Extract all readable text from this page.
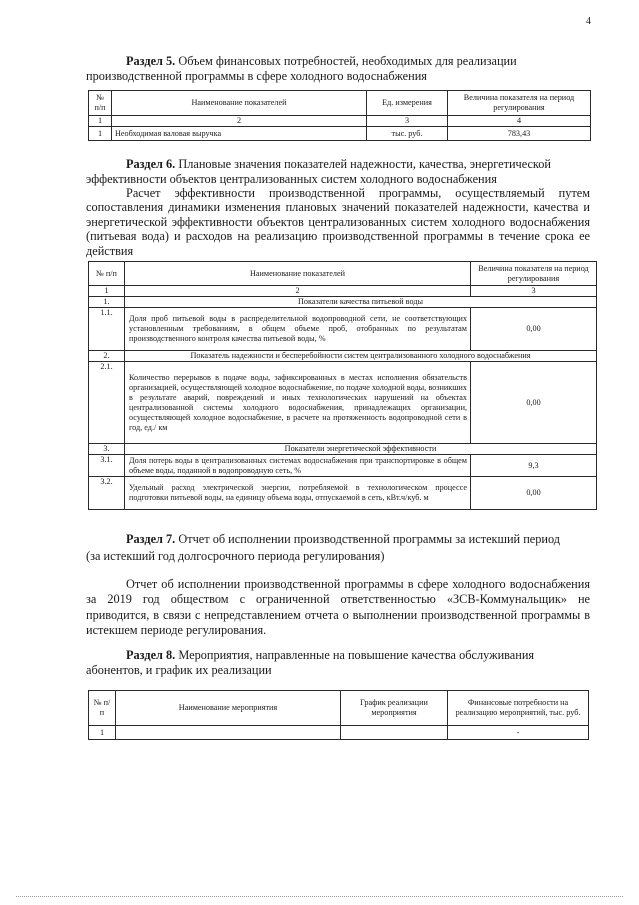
4
Раздел 5. Объем финансовых потребностей, необходимых для реализации
производственной программы в сфере холодного водоснабжения
№ п/п	Наименование показателей	Ед. измерения	Величина показателя на период регулирования
1	2	3	4
1	Необходимая валовая выручка	тыс. руб.	783,43
Раздел 6. Плановые значения показателей надежности, качества, энергетической
эффективности объектов централизованных систем холодного водоснабжения
Расчет эффективности производственной программы, осуществляемый путем сопоставления динамики изменения плановых значений показателей надежности, качества и энергетической эффективности объектов централизованных систем холодного водоснабжения (питьевая вода) и расходов на реализацию производственной программы в течение срока ее действия
№ п/п	Наименование показателей	Величина показателя на период регулирования
1	2	3
1.	Показатели качества питьевой воды	
1.1.	Доля проб питьевой воды в распределительной водопроводной сети, не соответствующих установленным требованиям, в общем объеме проб, отобранных по результатам производственного контроля качества питьевой воды, %	0,00
2.	Показатель надежности и бесперебойности систем централизованного холодного водоснабжения	
2.1.	Количество перерывов в подаче воды, зафиксированных в местах исполнения обязательств организацией, осуществляющей холодное водоснабжение, по подаче холодной воды, возникших в результате аварий, повреждений и иных технологических нарушений на объектах централизованной системы холодного водоснабжения, принадлежащих организации, осуществляющей холодное водоснабжение, в расчете на протяженность водопроводной сети в год, ед./ км	0,00
3.	Показатели энергетической эффективности	
3.1.	Доля потерь воды в централизованных системах водоснабжения при транспортировке в общем объеме воды, поданной в водопроводную сеть, %	9,3
3.2.	Удельный расход электрической энергии, потребляемой в технологическом процессе подготовки питьевой воды, на единицу объема воды, отпускаемой в сеть, кВт.ч/куб. м	0,00
Раздел 7. Отчет об исполнении производственной программы за истекший период
(за истекший год долгосрочного периода регулирования)
Отчет об исполнении производственной программы в сфере холодного водоснабжения за 2019 год обществом с ограниченной ответственностью «ЗСВ-Коммунальщик» не приводится, в связи с непредставлением отчета о выполнении производственной программы в истекшем периоде регулирования.
Раздел 8. Мероприятия, направленные на повышение качества обслуживания
абонентов, и график их реализации
№ п/п	Наименование мероприятия	График реализации мероприятия	Финансовые потребности на реализацию мероприятий, тыс. руб.
1			-
